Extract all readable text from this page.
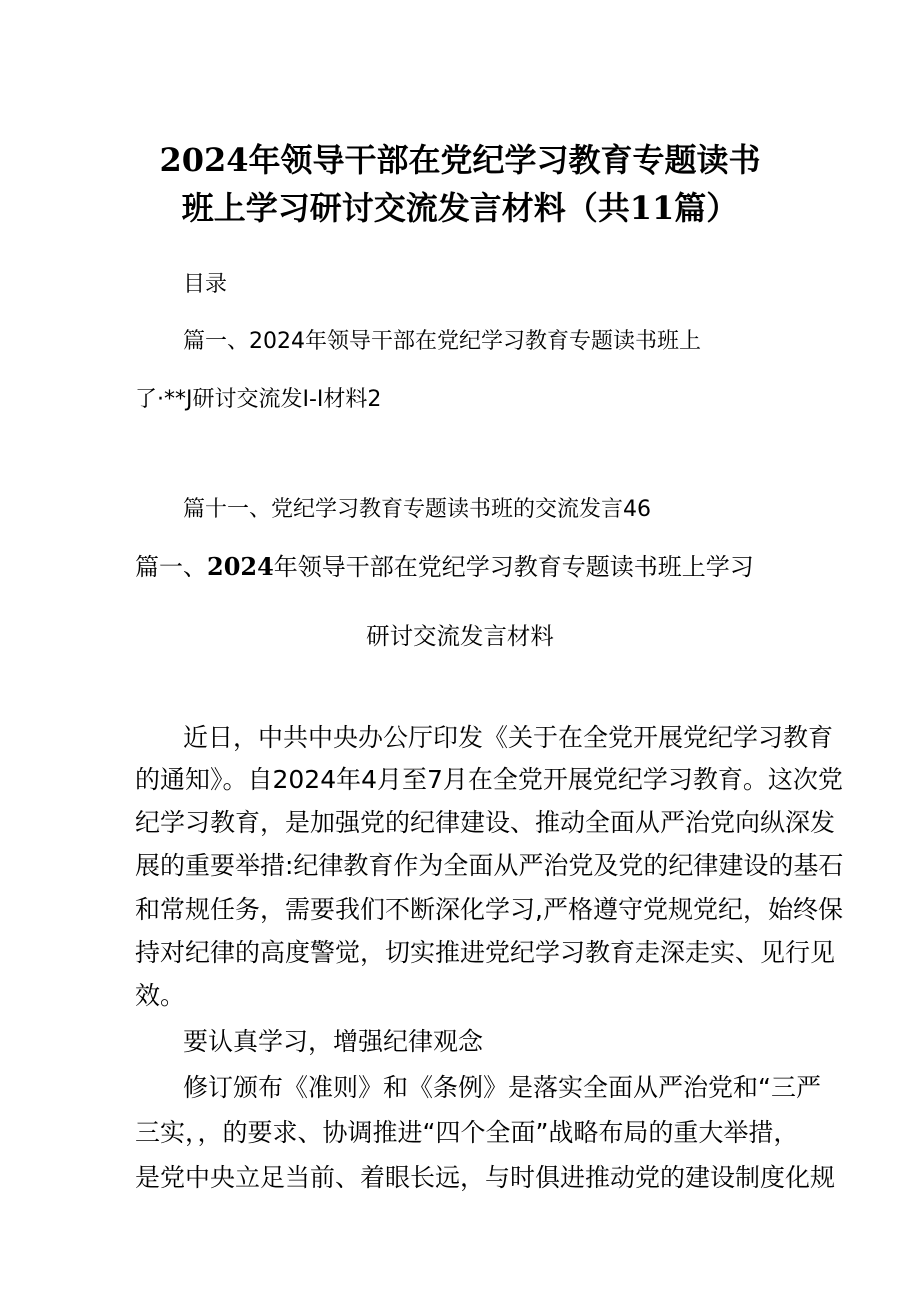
2024年领导干部在党纪学习教育专题读书
班上学习研讨交流发言材料（共11篇）
目录
篇一、2024年领导干部在党纪学习教育专题读书班上
了·**J研讨交流发I-I材料2
篇十一、党纪学习教育专题读书班的交流发言46
篇一、2024年领导干部在党纪学习教育专题读书班上学习
研讨交流发言材料
近日，中共中央办公厅印发《关于在全党开展党纪学习教育
的通知》。自2024年4月至7月在全党开展党纪学习教育。这次党
纪学习教育，是加强党的纪律建设、推动全面从严治党向纵深发
展的重要举措:纪律教育作为全面从严治党及党的纪律建设的基石
和常规任务，需要我们不断深化学习,严格遵守党规党纪，始终保
持对纪律的高度警觉，切实推进党纪学习教育走深走实、见行见
效。
要认真学习，增强纪律观念
修订颁布《准则》和《条例》是落实全面从严治党和“三严
三实，，的要求、协调推进“四个全面”战略布局的重大举措，
是党中央立足当前、着眼长远，与时俱进推动党的建设制度化规
